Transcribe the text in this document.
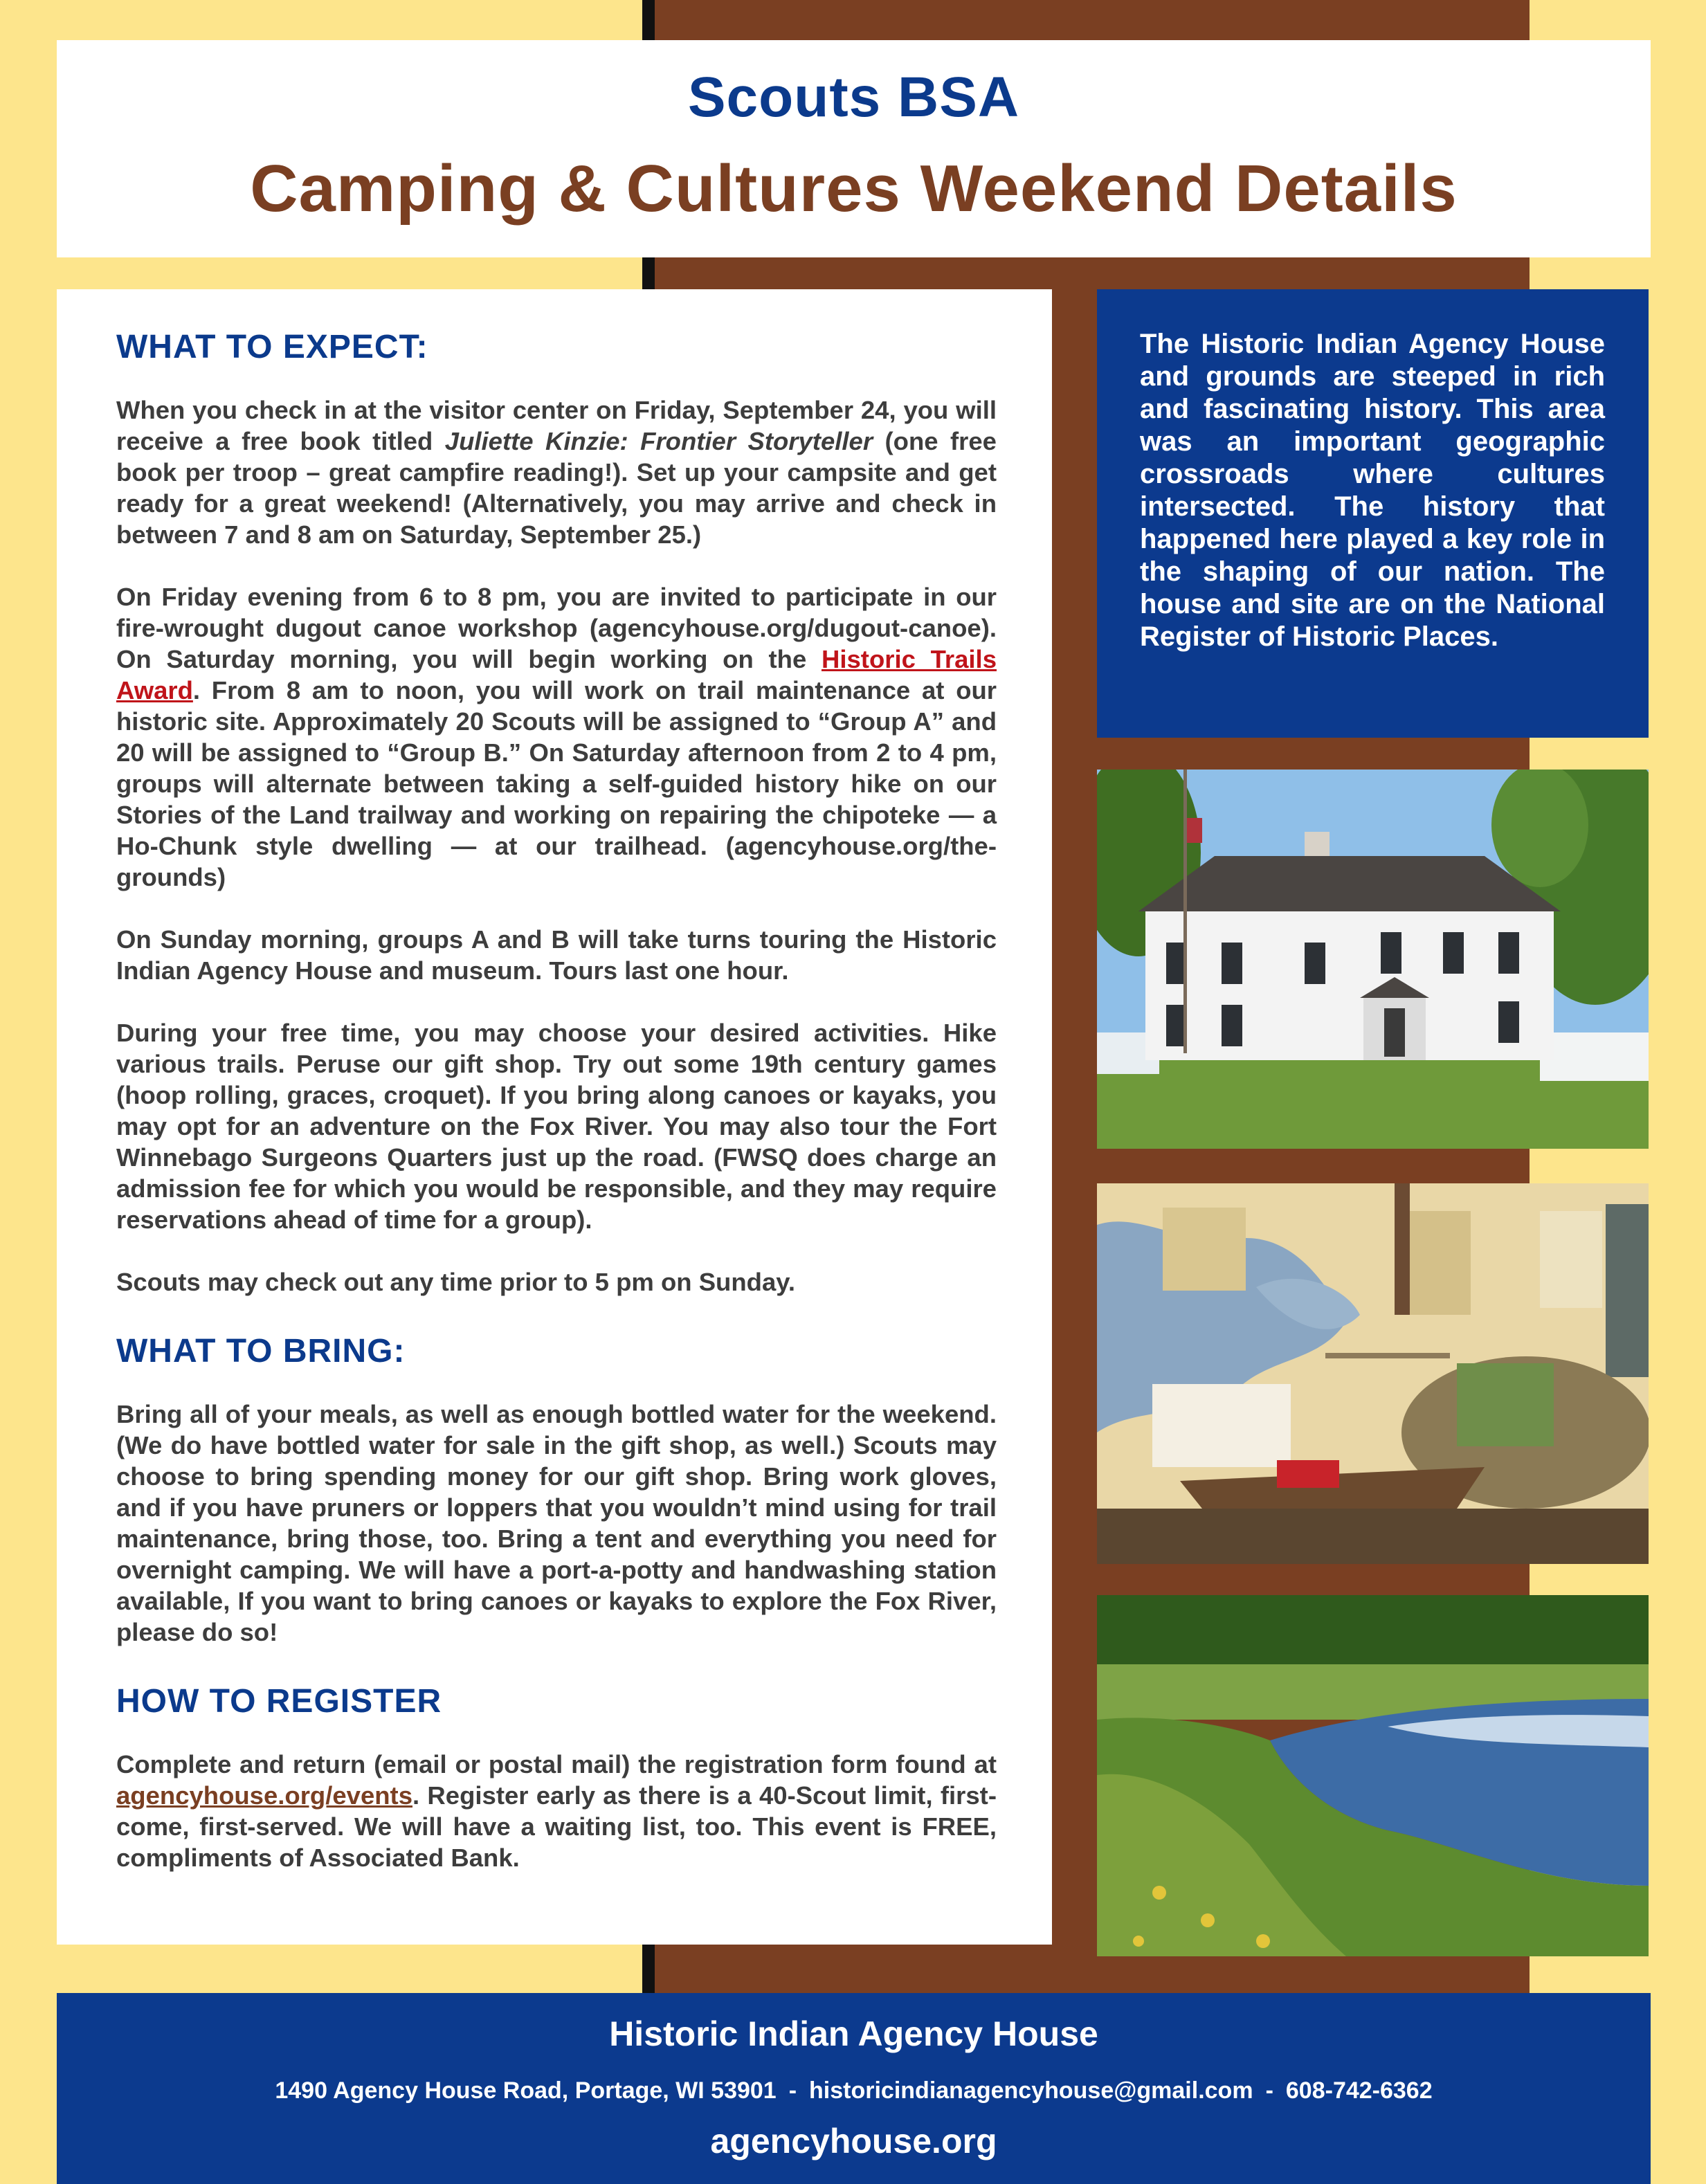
Scouts BSA
Camping & Cultures Weekend Details
WHAT TO EXPECT:

When you check in at the visitor center on Friday, September 24, you will receive a free book titled Juliette Kinzie: Frontier Storyteller (one free book per troop – great campfire reading!). Set up your campsite and get ready for a great weekend! (Alternatively, you may arrive and check in between 7 and 8 am on Saturday, September 25.)

On Friday evening from 6 to 8 pm, you are invited to participate in our fire-wrought dugout canoe workshop (agencyhouse.org/dugout-canoe). On Saturday morning, you will begin working on the Historic Trails Award. From 8 am to noon, you will work on trail maintenance at our historic site. Approximately 20 Scouts will be assigned to “Group A” and 20 will be assigned to “Group B.” On Saturday afternoon from 2 to 4 pm, groups will alternate between taking a self-guided history hike on our Stories of the Land trailway and working on repairing the chipoteke — a Ho-Chunk style dwelling — at our trailhead. (agencyhouse.org/the-grounds)

On Sunday morning, groups A and B will take turns touring the Historic Indian Agency House and museum. Tours last one hour.

During your free time, you may choose your desired activities. Hike various trails. Peruse our gift shop. Try out some 19th century games (hoop rolling, graces, croquet). If you bring along canoes or kayaks, you may opt for an adventure on the Fox River. You may also tour the Fort Winnebago Surgeons Quarters just up the road. (FWSQ does charge an admission fee for which you would be responsible, and they may require reservations ahead of time for a group).

Scouts may check out any time prior to 5 pm on Sunday.

WHAT TO BRING:

Bring all of your meals, as well as enough bottled water for the weekend. (We do have bottled water for sale in the gift shop, as well.) Scouts may choose to bring spending money for our gift shop. Bring work gloves, and if you have pruners or loppers that you wouldn’t mind using for trail maintenance, bring those, too. Bring a tent and everything you need for overnight camping. We will have a port-a-potty and handwashing station available, If you want to bring canoes or kayaks to explore the Fox River, please do so!

HOW TO REGISTER

Complete and return (email or postal mail) the registration form found at agencyhouse.org/events. Register early as there is a 40-Scout limit, first-come, first-served. We will have a waiting list, too. This event is FREE, compliments of Associated Bank.

The Historic Indian Agency House and grounds are steeped in rich and fascinating history. This area was an important geographic crossroads where cultures intersected. The history that happened here played a key role in the shaping of our nation. The house and site are on the National Register of Historic Places.
Historic Indian Agency House
1490 Agency House Road, Portage, WI 53901 - historicindianagencyhouse@gmail.com - 608-742-6362
agencyhouse.org
